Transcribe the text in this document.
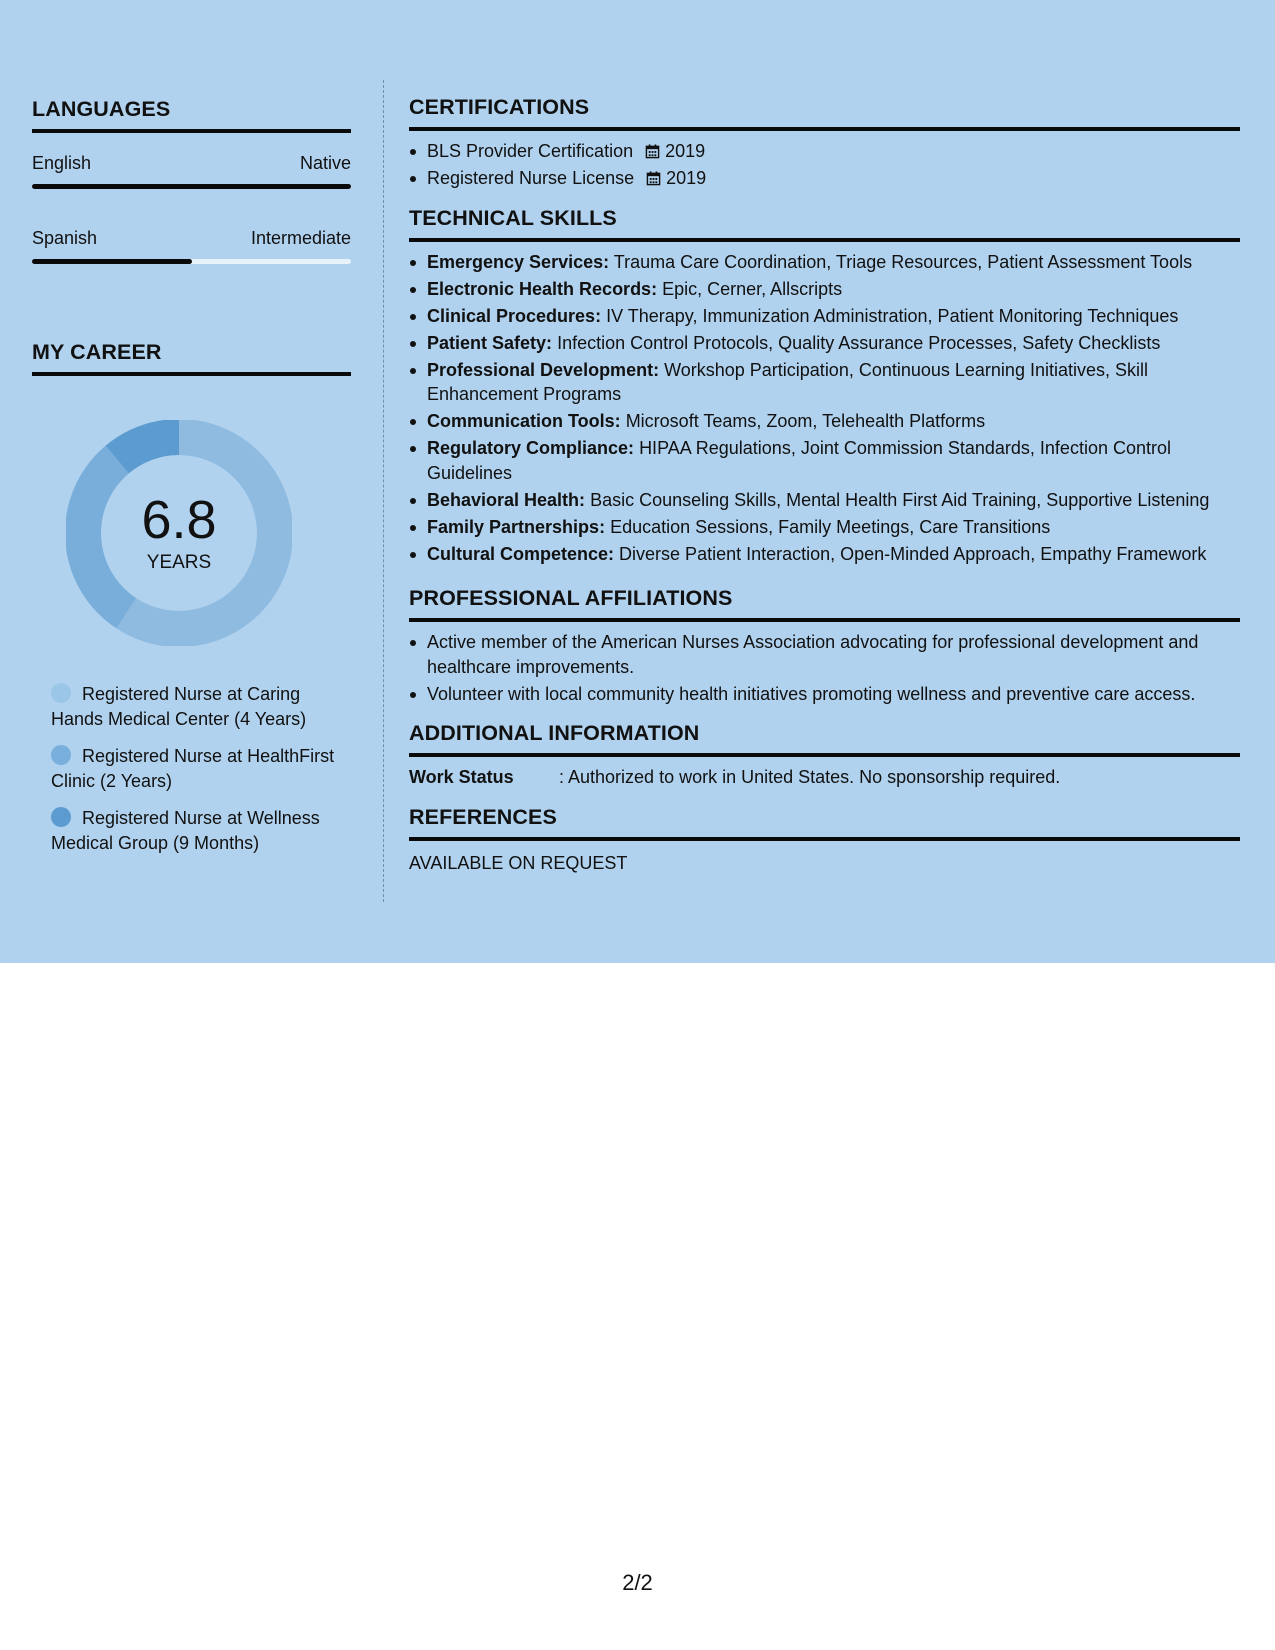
LANGUAGES
English	Native
Spanish	Intermediate
MY CAREER
6.8
YEARS
Registered Nurse at Caring Hands Medical Center (4 Years)
Registered Nurse at HealthFirst Clinic (2 Years)
Registered Nurse at Wellness Medical Group (9 Months)
CERTIFICATIONS
BLS Provider Certification 2019
Registered Nurse License 2019
TECHNICAL SKILLS
Emergency Services: Trauma Care Coordination, Triage Resources, Patient Assessment Tools
Electronic Health Records: Epic, Cerner, Allscripts
Clinical Procedures: IV Therapy, Immunization Administration, Patient Monitoring Techniques
Patient Safety: Infection Control Protocols, Quality Assurance Processes, Safety Checklists
Professional Development: Workshop Participation, Continuous Learning Initiatives, Skill Enhancement Programs
Communication Tools: Microsoft Teams, Zoom, Telehealth Platforms
Regulatory Compliance: HIPAA Regulations, Joint Commission Standards, Infection Control Guidelines
Behavioral Health: Basic Counseling Skills, Mental Health First Aid Training, Supportive Listening
Family Partnerships: Education Sessions, Family Meetings, Care Transitions
Cultural Competence: Diverse Patient Interaction, Open-Minded Approach, Empathy Framework
PROFESSIONAL AFFILIATIONS
Active member of the American Nurses Association advocating for professional development and healthcare improvements.
Volunteer with local community health initiatives promoting wellness and preventive care access.
ADDITIONAL INFORMATION
Work Status	: Authorized to work in United States. No sponsorship required.
REFERENCES
AVAILABLE ON REQUEST
2/2
